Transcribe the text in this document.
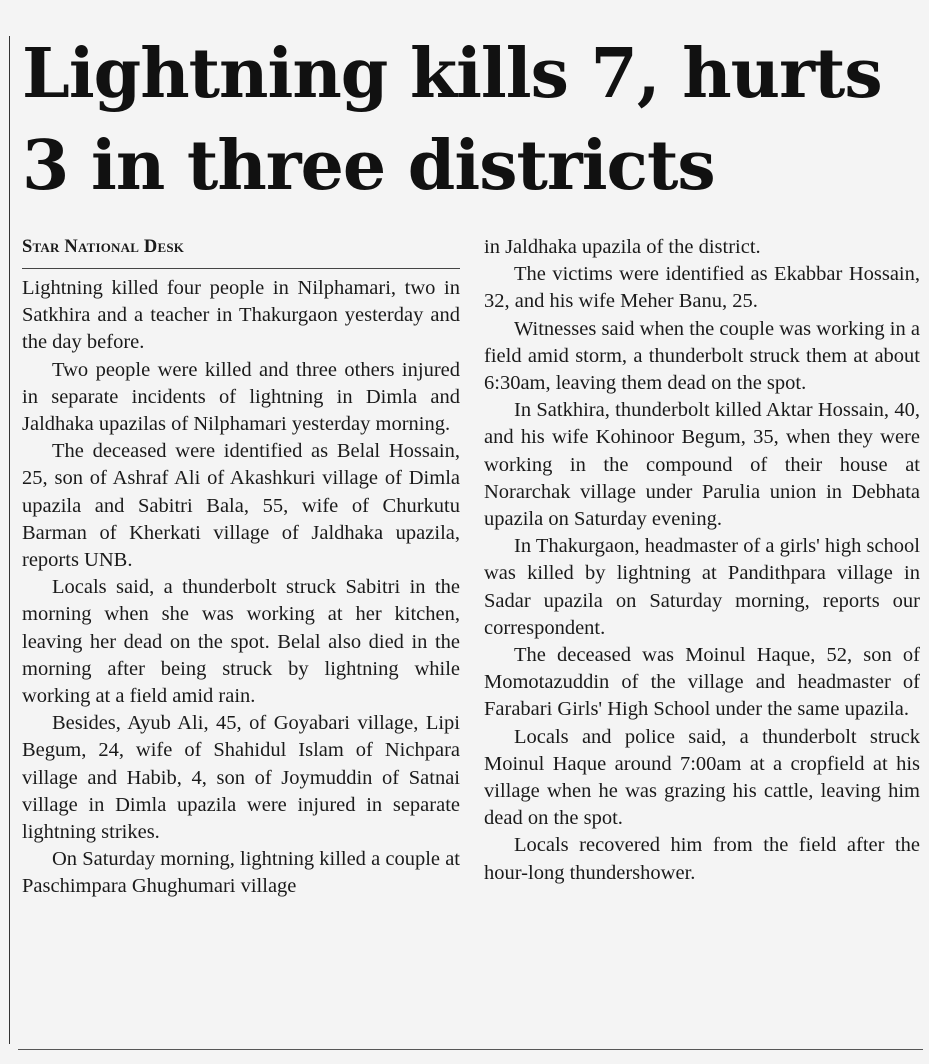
Lightning kills 7, hurts 3 in three districts
Star National Desk

Lightning killed four people in Nilphamari, two in Satkhira and a teacher in Thakurgaon yesterday and the day before.

Two people were killed and three others injured in separate incidents of lightning in Dimla and Jaldhaka upazilas of Nilphamari yesterday morning.

The deceased were identified as Belal Hossain, 25, son of Ashraf Ali of Akashkuri village of Dimla upazila and Sabitri Bala, 55, wife of Churkutu Barman of Kherkati village of Jaldhaka upazila, reports UNB.

Locals said, a thunderbolt struck Sabitri in the morning when she was working at her kitchen, leaving her dead on the spot. Belal also died in the morning after being struck by lightning while working at a field amid rain.

Besides, Ayub Ali, 45, of Goyabari village, Lipi Begum, 24, wife of Shahidul Islam of Nichpara village and Habib, 4, son of Joymuddin of Satnai village in Dimla upazila were injured in separate lightning strikes.

On Saturday morning, lightning killed a couple at Paschimpara Ghughumari village

in Jaldhaka upazila of the district.

The victims were identified as Ekabbar Hossain, 32, and his wife Meher Banu, 25.

Witnesses said when the couple was working in a field amid storm, a thunderbolt struck them at about 6:30am, leaving them dead on the spot.

In Satkhira, thunderbolt killed Aktar Hossain, 40, and his wife Kohinoor Begum, 35, when they were working in the compound of their house at Norarchak village under Parulia union in Debhata upazila on Saturday evening.

In Thakurgaon, headmaster of a girls' high school was killed by lightning at Pandithpara village in Sadar upazila on Saturday morning, reports our correspondent.

The deceased was Moinul Haque, 52, son of Momotazuddin of the village and headmaster of Farabari Girls' High School under the same upazila.

Locals and police said, a thunderbolt struck Moinul Haque around 7:00am at a cropfield at his village when he was grazing his cattle, leaving him dead on the spot.

Locals recovered him from the field after the hour-long thundershower.
